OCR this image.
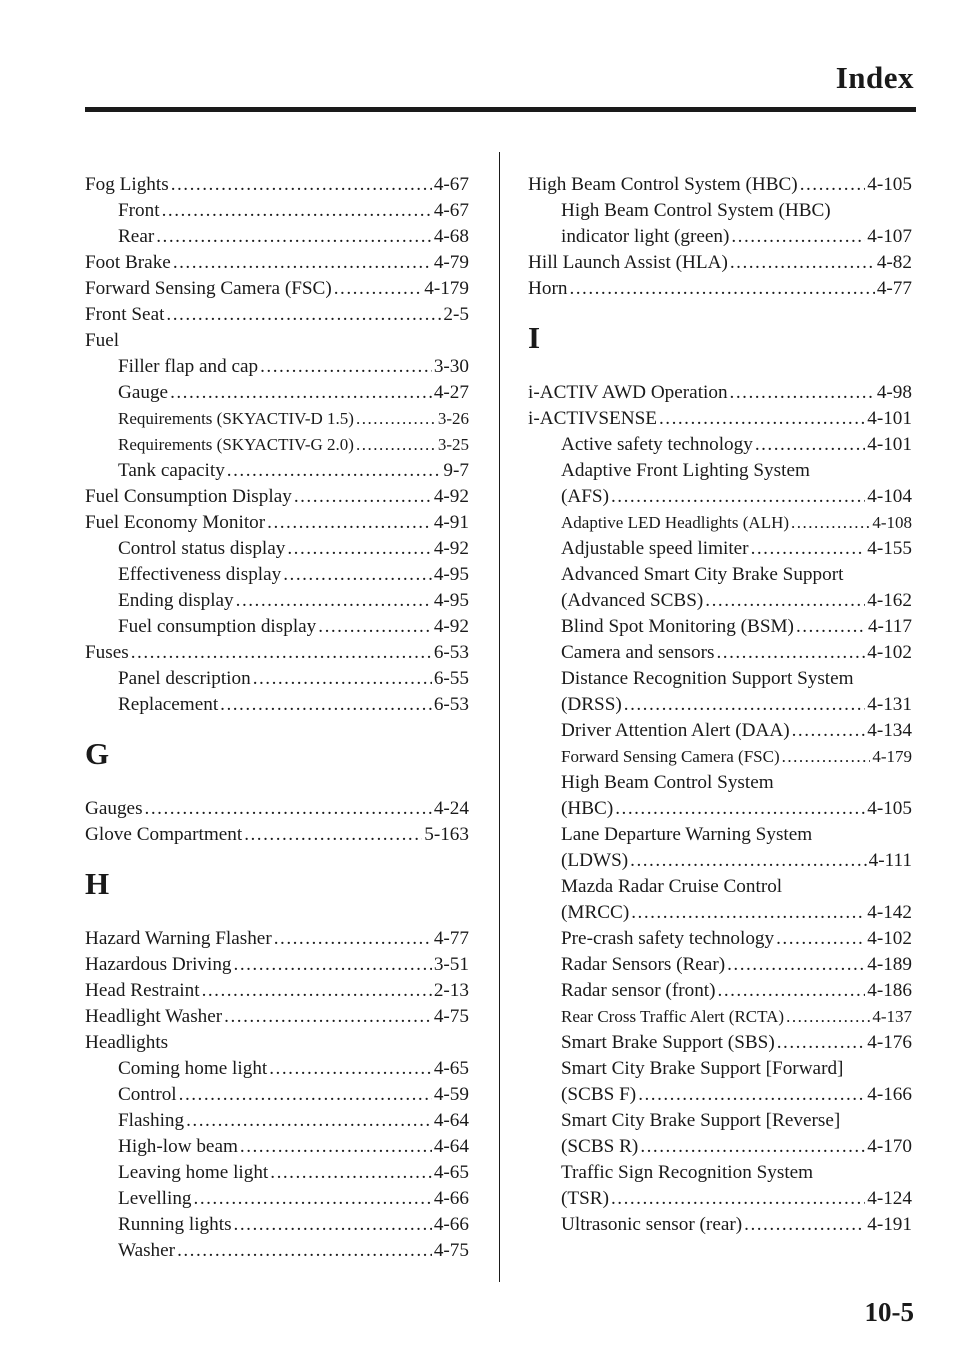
Index
Fog Lights .....	4-67
Front .....	4-67
Rear .....	4-68
Foot Brake .....	4-79
Forward Sensing Camera (FSC) .....	4-179
Front Seat .....	2-5
Fuel
Filler flap and cap .....	3-30
Gauge .....	4-27
Requirements (SKYACTIV-D 1.5) .....	3-26
Requirements (SKYACTIV-G 2.0) .....	3-25
Tank capacity .....	9-7
Fuel Consumption Display .....	4-92
Fuel Economy Monitor .....	4-91
Control status display .....	4-92
Effectiveness display .....	4-95
Ending display .....	4-95
Fuel consumption display .....	4-92
Fuses .....	6-53
Panel description .....	6-55
Replacement .....	6-53
G
Gauges .....	4-24
Glove Compartment .....	5-163
H
Hazard Warning Flasher .....	4-77
Hazardous Driving .....	3-51
Head Restraint .....	2-13
Headlight Washer .....	4-75
Headlights
Coming home light .....	4-65
Control .....	4-59
Flashing .....	4-64
High-low beam .....	4-64
Leaving home light .....	4-65
Levelling .....	4-66
Running lights .....	4-66
Washer .....	4-75
High Beam Control System (HBC) .....	4-105
High Beam Control System (HBC)
indicator light (green) .....	4-107
Hill Launch Assist (HLA) .....	4-82
Horn .....	4-77
I
i-ACTIV AWD Operation .....	4-98
i-ACTIVSENSE .....	4-101
Active safety technology .....	4-101
Adaptive Front Lighting System
(AFS) .....	4-104
Adaptive LED Headlights (ALH) .....	4-108
Adjustable speed limiter .....	4-155
Advanced Smart City Brake Support
(Advanced SCBS) .....	4-162
Blind Spot Monitoring (BSM) .....	4-117
Camera and sensors .....	4-102
Distance Recognition Support System
(DRSS) .....	4-131
Driver Attention Alert (DAA) .....	4-134
Forward Sensing Camera (FSC) .....	4-179
High Beam Control System
(HBC) .....	4-105
Lane Departure Warning System
(LDWS) .....	4-111
Mazda Radar Cruise Control
(MRCC) .....	4-142
Pre-crash safety technology .....	4-102
Radar Sensors (Rear) .....	4-189
Radar sensor (front) .....	4-186
Rear Cross Traffic Alert (RCTA) .....	4-137
Smart Brake Support (SBS) .....	4-176
Smart City Brake Support [Forward]
(SCBS F) .....	4-166
Smart City Brake Support [Reverse]
(SCBS R) .....	4-170
Traffic Sign Recognition System
(TSR) .....	4-124
Ultrasonic sensor (rear) .....	4-191
10-5
